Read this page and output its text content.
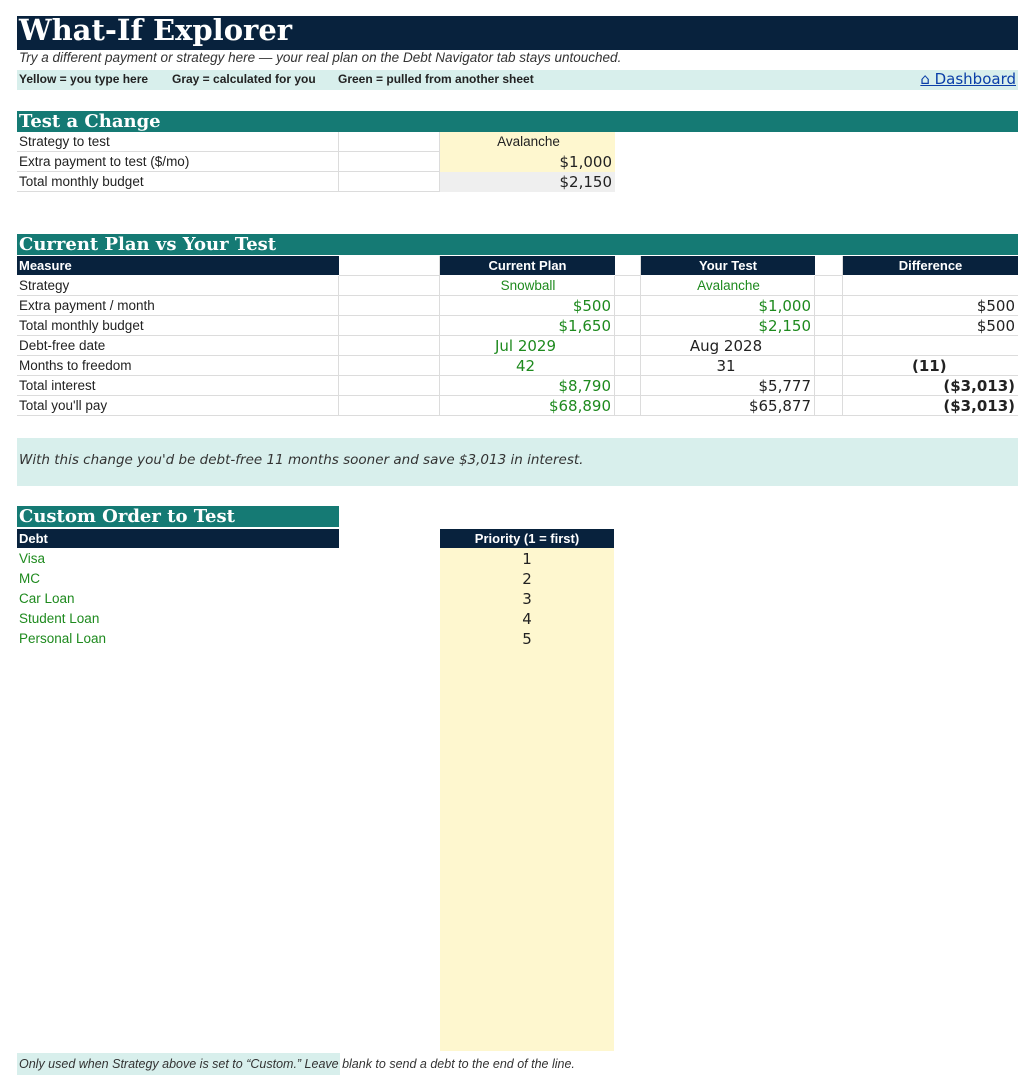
What-If Explorer
Try a different payment or strategy here — your real plan on the Debt Navigator tab stays untouched.
Yellow = you type here Gray = calculated for you Green = pulled from another sheet	⌂ Dashboard
Test a Change
Strategy to test	Avalanche
Extra payment to test ($/mo)	$1,000
Total monthly budget	$2,150
Current Plan vs Your Test
Measure	Current Plan	Your Test	Difference
Strategy	Snowball	Avalanche
Extra payment / month	$500	$1,000	$500
Total monthly budget	$1,650	$2,150	$500
Debt-free date	Jul 2029	Aug 2028
Months to freedom	42	31	(11)
Total interest	$8,790	$5,777	($3,013)
Total you'll pay	$68,890	$65,877	($3,013)
With this change you'd be debt-free 11 months sooner and save $3,013 in interest.
Custom Order to Test
Debt	Priority (1 = first)
Visa	1
MC	2
Car Loan	3
Student Loan	4
Personal Loan	5
Only used when Strategy above is set to “Custom.” Leave blank to send a debt to the end of the line.
